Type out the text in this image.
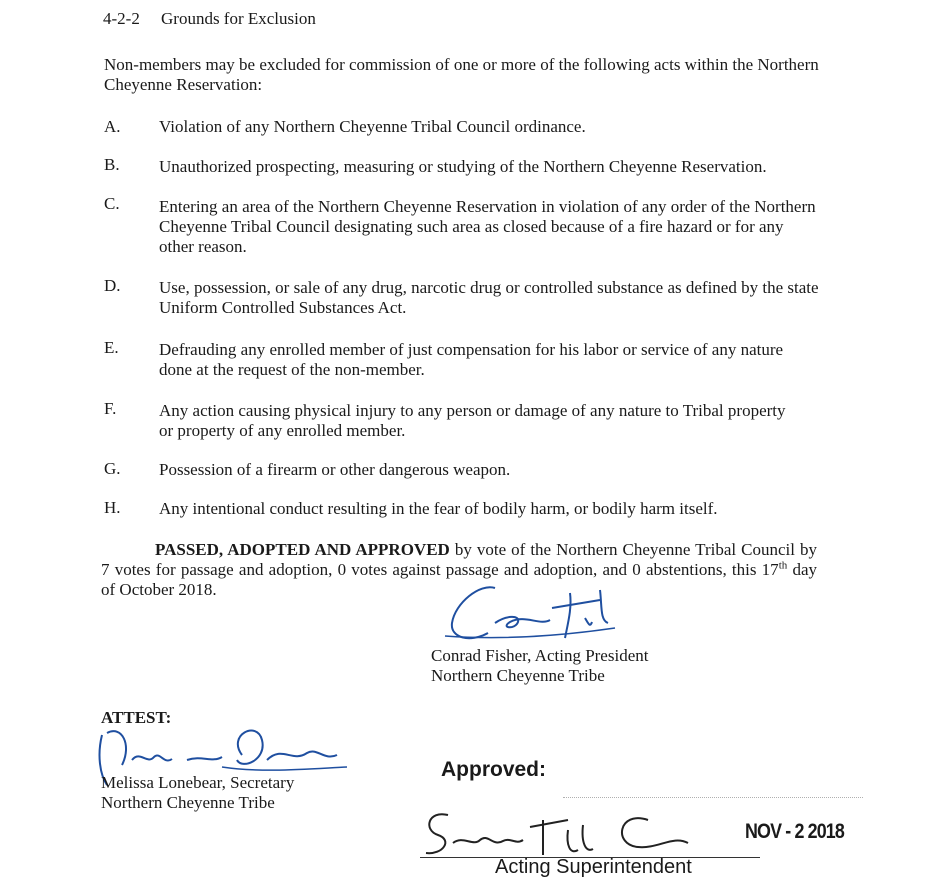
4-2-2 Grounds for Exclusion
Non-members may be excluded for commission of one or more of the following acts within the Northern Cheyenne Reservation:
A.	Violation of any Northern Cheyenne Tribal Council ordinance.
B.	Unauthorized prospecting, measuring or studying of the Northern Cheyenne Reservation.
C.	Entering an area of the Northern Cheyenne Reservation in violation of any order of the Northern Cheyenne Tribal Council designating such area as closed because of a fire hazard or for any other reason.
D.	Use, possession, or sale of any drug, narcotic drug or controlled substance as defined by the state Uniform Controlled Substances Act.
E.	Defrauding any enrolled member of just compensation for his labor or service of any nature done at the request of the non-member.
F.	Any action causing physical injury to any person or damage of any nature to Tribal property or property of any enrolled member.
G.	Possession of a firearm or other dangerous weapon.
H.	Any intentional conduct resulting in the fear of bodily harm, or bodily harm itself.
PASSED, ADOPTED AND APPROVED by vote of the Northern Cheyenne Tribal Council by 7 votes for passage and adoption, 0 votes against passage and adoption, and 0 abstentions, this 17th day of October 2018.
Conrad Fisher, Acting President
Northern Cheyenne Tribe
ATTEST:
Melissa Lonebear, Secretary
Northern Cheyenne Tribe
Approved:
NOV - 2 2018
Acting Superintendent
